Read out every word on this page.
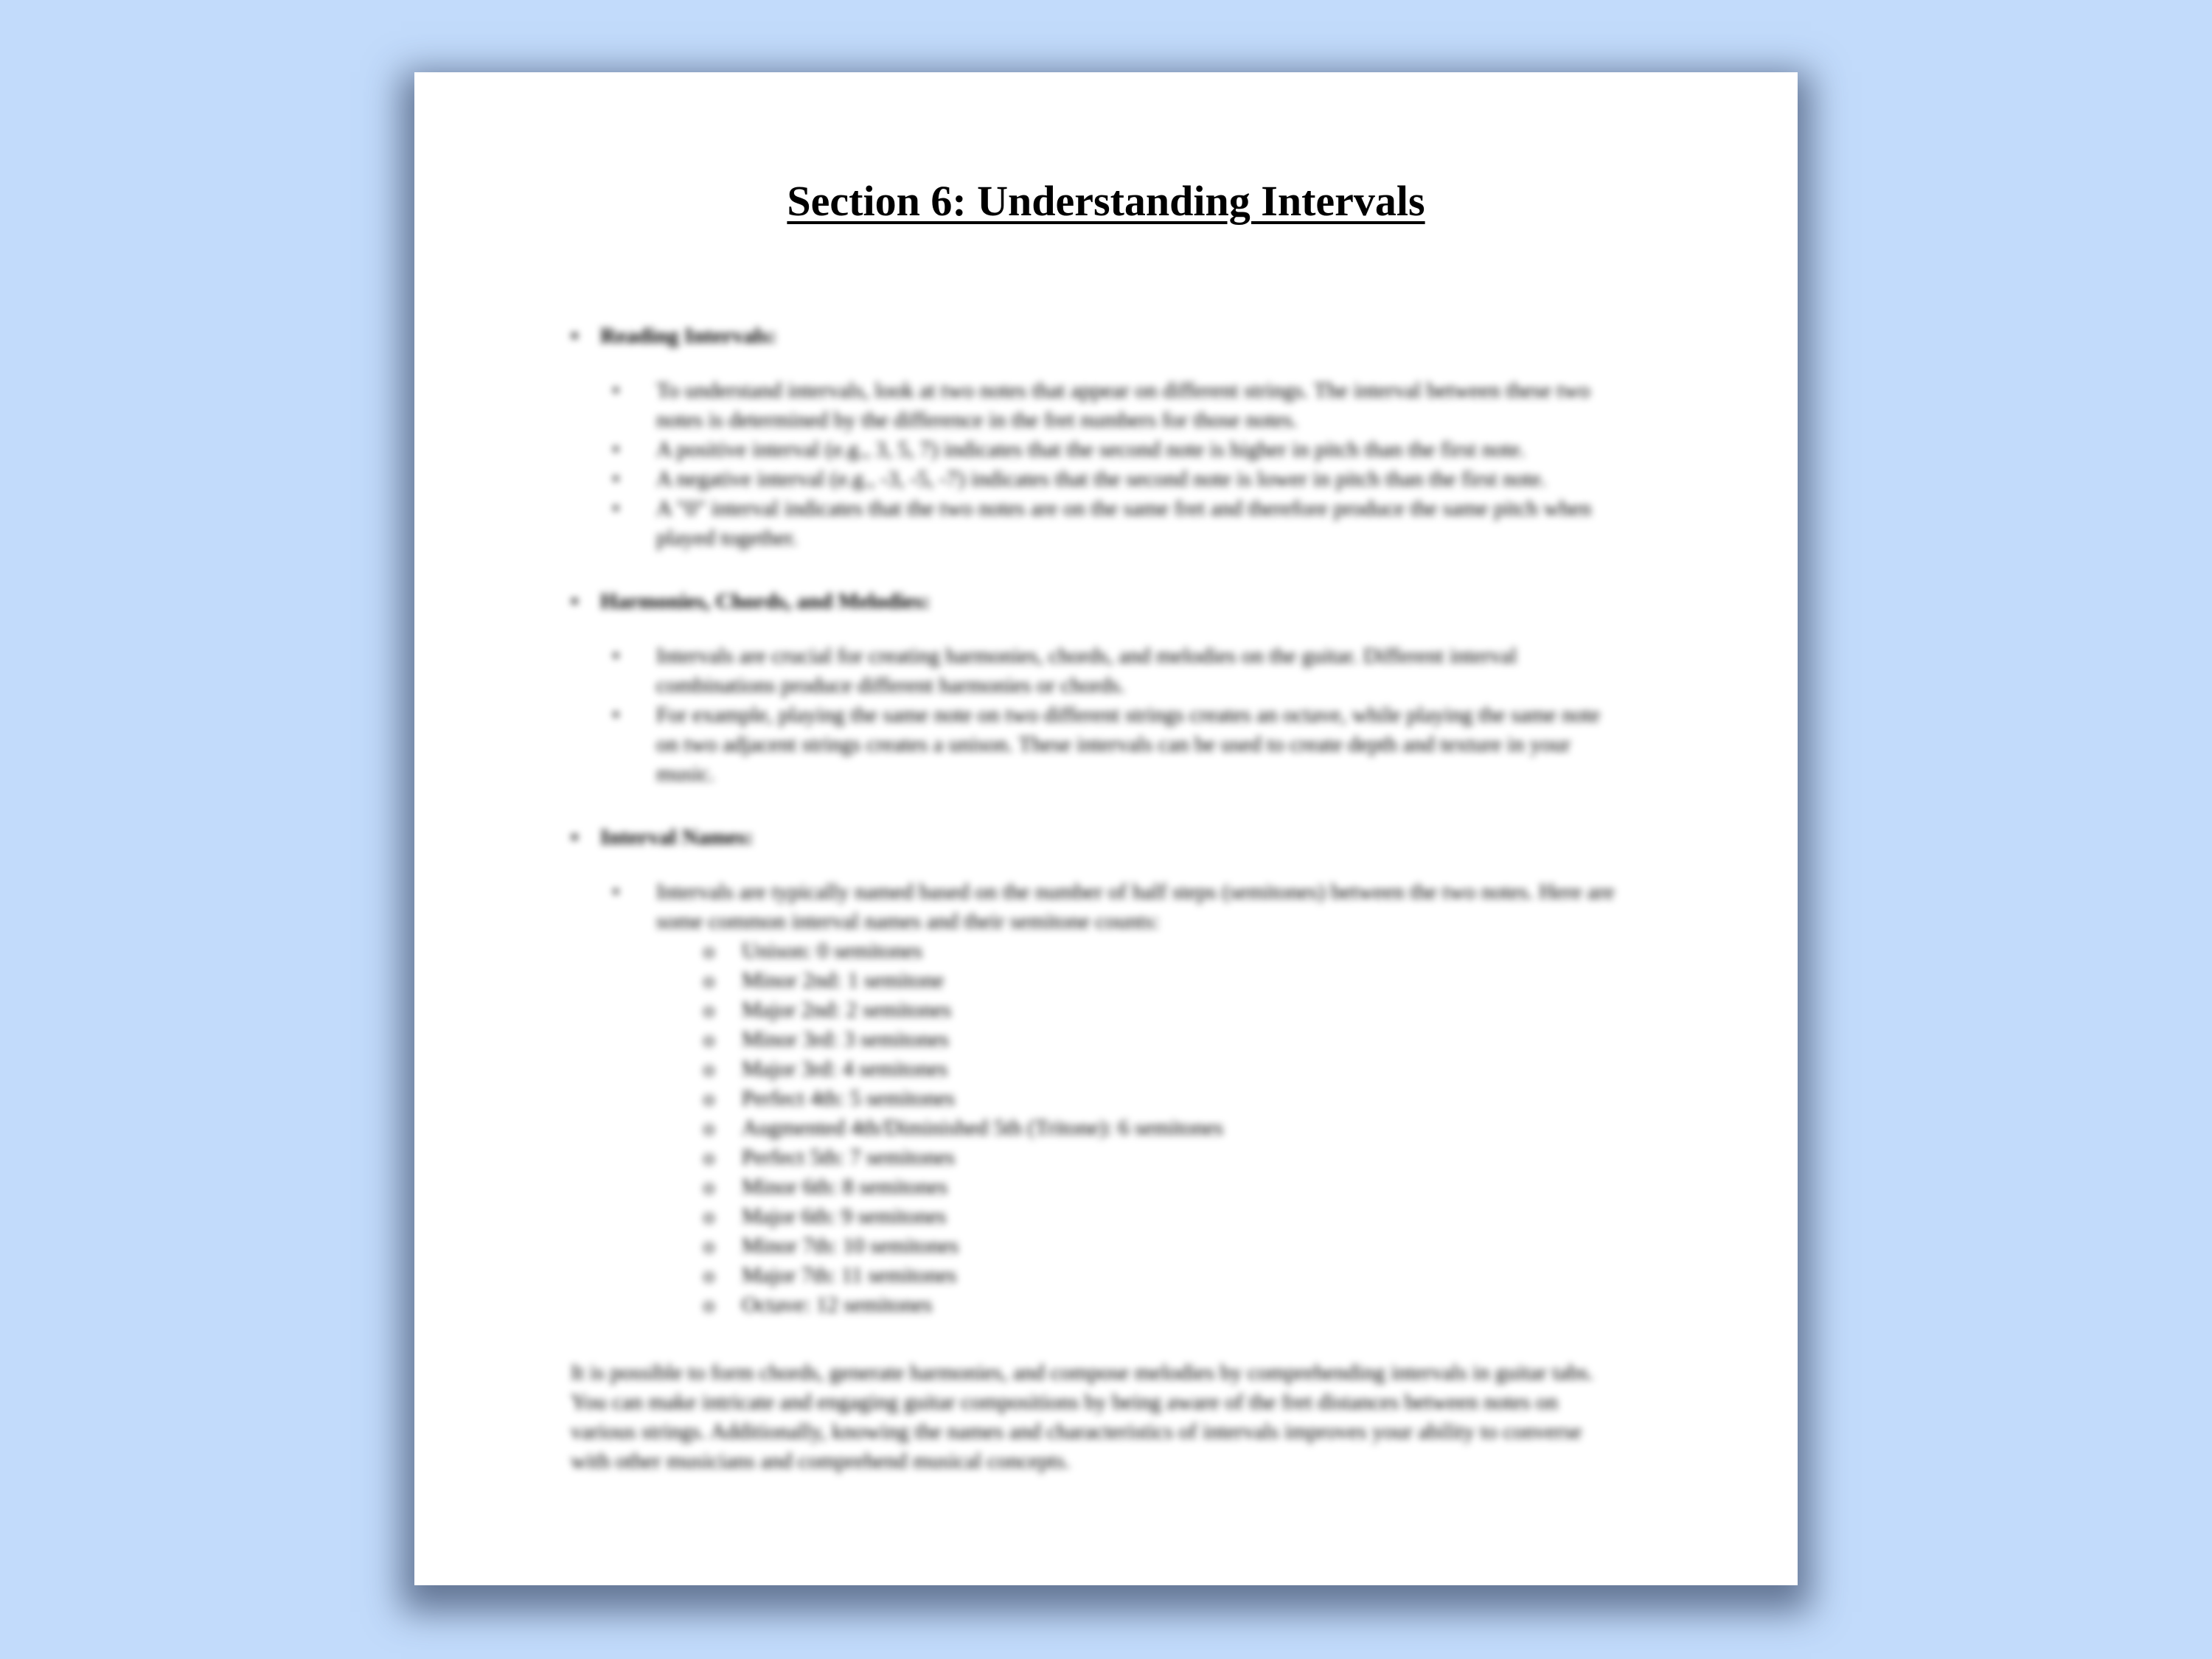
Section 6: Understanding Intervals

• Reading Intervals:

• To understand intervals, look at two notes that appear on different strings. The interval between these two notes is determined by the difference in the fret numbers for those notes.
• A positive interval (e.g., 3, 5, 7) indicates that the second note is higher in pitch than the first note.
• A negative interval (e.g., -3, -5, -7) indicates that the second note is lower in pitch than the first note.
• A "0" interval indicates that the two notes are on the same fret and therefore produce the same pitch when played together.

• Harmonies, Chords, and Melodies:

• Intervals are crucial for creating harmonies, chords, and melodies on the guitar. Different interval combinations produce different harmonies or chords.
• For example, playing the same note on two different strings creates an octave, while playing the same note on two adjacent strings creates a unison. These intervals can be used to create depth and texture in your music.

• Interval Names:

• Intervals are typically named based on the number of half steps (semitones) between the two notes. Here are some common interval names and their semitone counts:
o Unison: 0 semitones
o Minor 2nd: 1 semitone
o Major 2nd: 2 semitones
o Minor 3rd: 3 semitones
o Major 3rd: 4 semitones
o Perfect 4th: 5 semitones
o Augmented 4th/Diminished 5th (Tritone): 6 semitones
o Perfect 5th: 7 semitones
o Minor 6th: 8 semitones
o Major 6th: 9 semitones
o Minor 7th: 10 semitones
o Major 7th: 11 semitones
o Octave: 12 semitones

It is possible to form chords, generate harmonies, and compose melodies by comprehending intervals in guitar tabs. You can make intricate and engaging guitar compositions by being aware of the fret distances between notes on various strings. Additionally, knowing the names and characteristics of intervals improves your ability to converse with other musicians and comprehend musical concepts.
